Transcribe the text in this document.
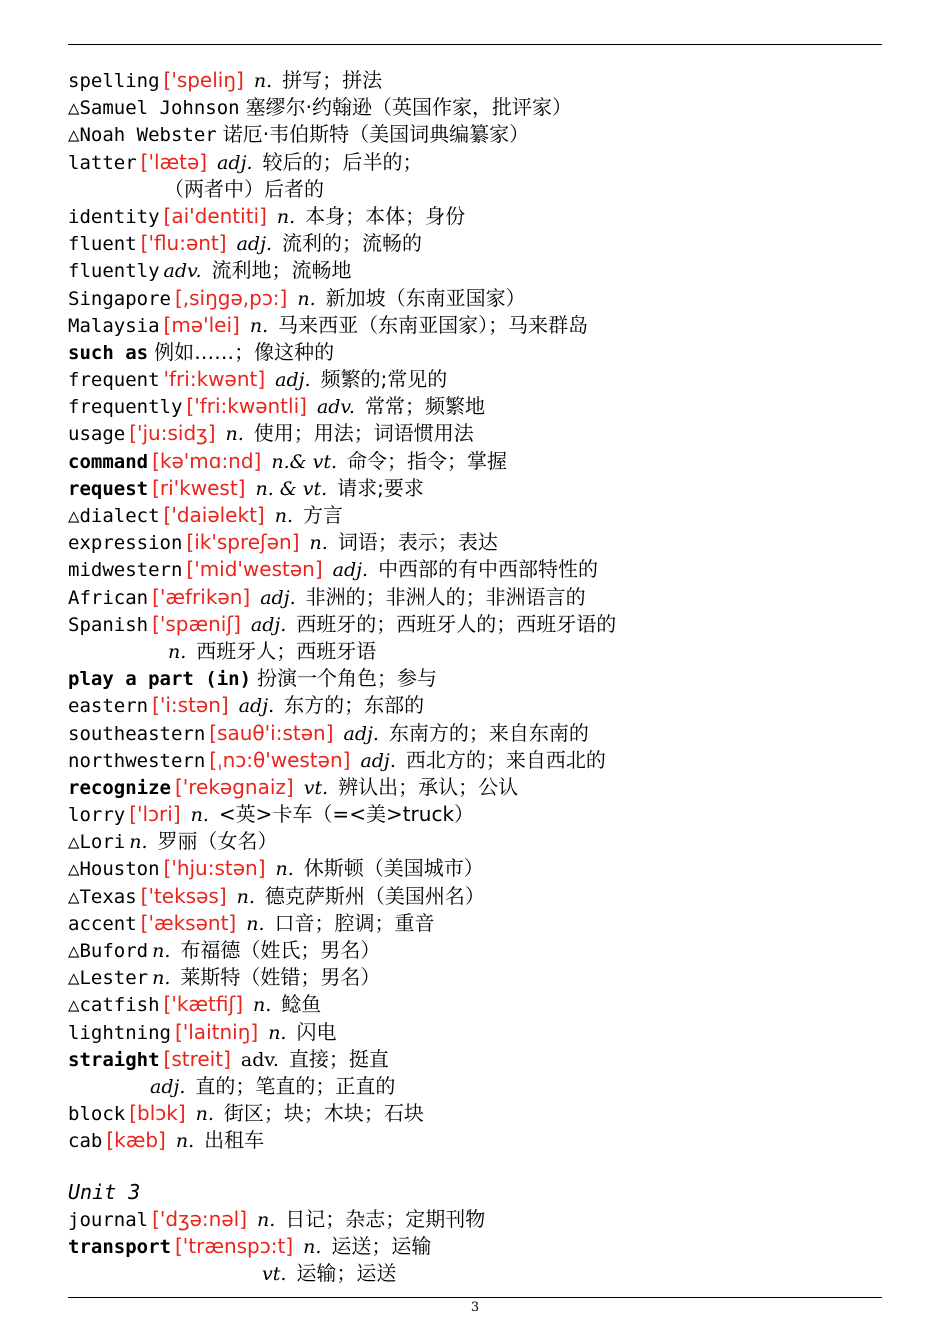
spelling ['speliŋ] n. 拼写；拼法
△Samuel Johnson 塞缪尔·约翰逊（英国作家，批评家）
△Noah Webster 诺厄·韦伯斯特（美国词典编纂家）
latter ['lætə] adj. 较后的；后半的；
（两者中）后者的
identity [ai'dentiti] n. 本身；本体；身份
fluent ['flu:ənt] adj. 流利的；流畅的
fluently adv. 流利地；流畅地
Singapore [,siŋgə,pɔ:] n. 新加坡（东南亚国家）
Malaysia [mə'lei] n. 马来西亚（东南亚国家）；马来群岛
such as 例如……；像这种的
frequent 'fri:kwənt] adj. 频繁的;常见的
frequently ['fri:kwəntli] adv. 常常；频繁地
usage ['ju:sidʒ] n. 使用；用法；词语惯用法
command [kə'mɑ:nd] n.& vt. 命令；指令；掌握
request [ri'kwest] n. & vt. 请求;要求
△dialect ['daiəlekt] n. 方言
expression [ik'spreʃən] n. 词语；表示；表达
midwestern ['mid'westən] adj. 中西部的有中西部特性的
African ['æfrikən] adj. 非洲的；非洲人的；非洲语言的
Spanish ['spæniʃ] adj. 西班牙的；西班牙人的；西班牙语的
n. 西班牙人；西班牙语
play a part (in) 扮演一个角色；参与
eastern ['i:stən] adj. 东方的；东部的
southeastern [sauθ'i:stən] adj. 东南方的；来自东南的
northwestern [ˌnɔ:θ'westən] adj. 西北方的；来自西北的
recognize ['rekəgnaiz] vt. 辨认出；承认；公认
lorry ['lɔri] n. <英>卡车（=<美>truck）
△Lori n. 罗丽（女名）
△Houston ['hju:stən] n. 休斯顿（美国城市）
△Texas ['teksəs] n. 德克萨斯州（美国州名）
accent ['æksənt] n. 口音；腔调；重音
△Buford n. 布福德（姓氏；男名）
△Lester n. 莱斯特（姓错；男名）
△catfish ['kætfiʃ] n. 鲶鱼
lightning ['laitniŋ] n. 闪电
straight [streit] adv. 直接；挺直
adj. 直的；笔直的；正直的
block [blɔk] n. 街区；块；木块；石块
cab [kæb] n. 出租车
Unit 3
journal ['dʒə:nəl] n. 日记；杂志；定期刊物
transport ['trænspɔ:t] n. 运送；运输
vt. 运输；运送
3
